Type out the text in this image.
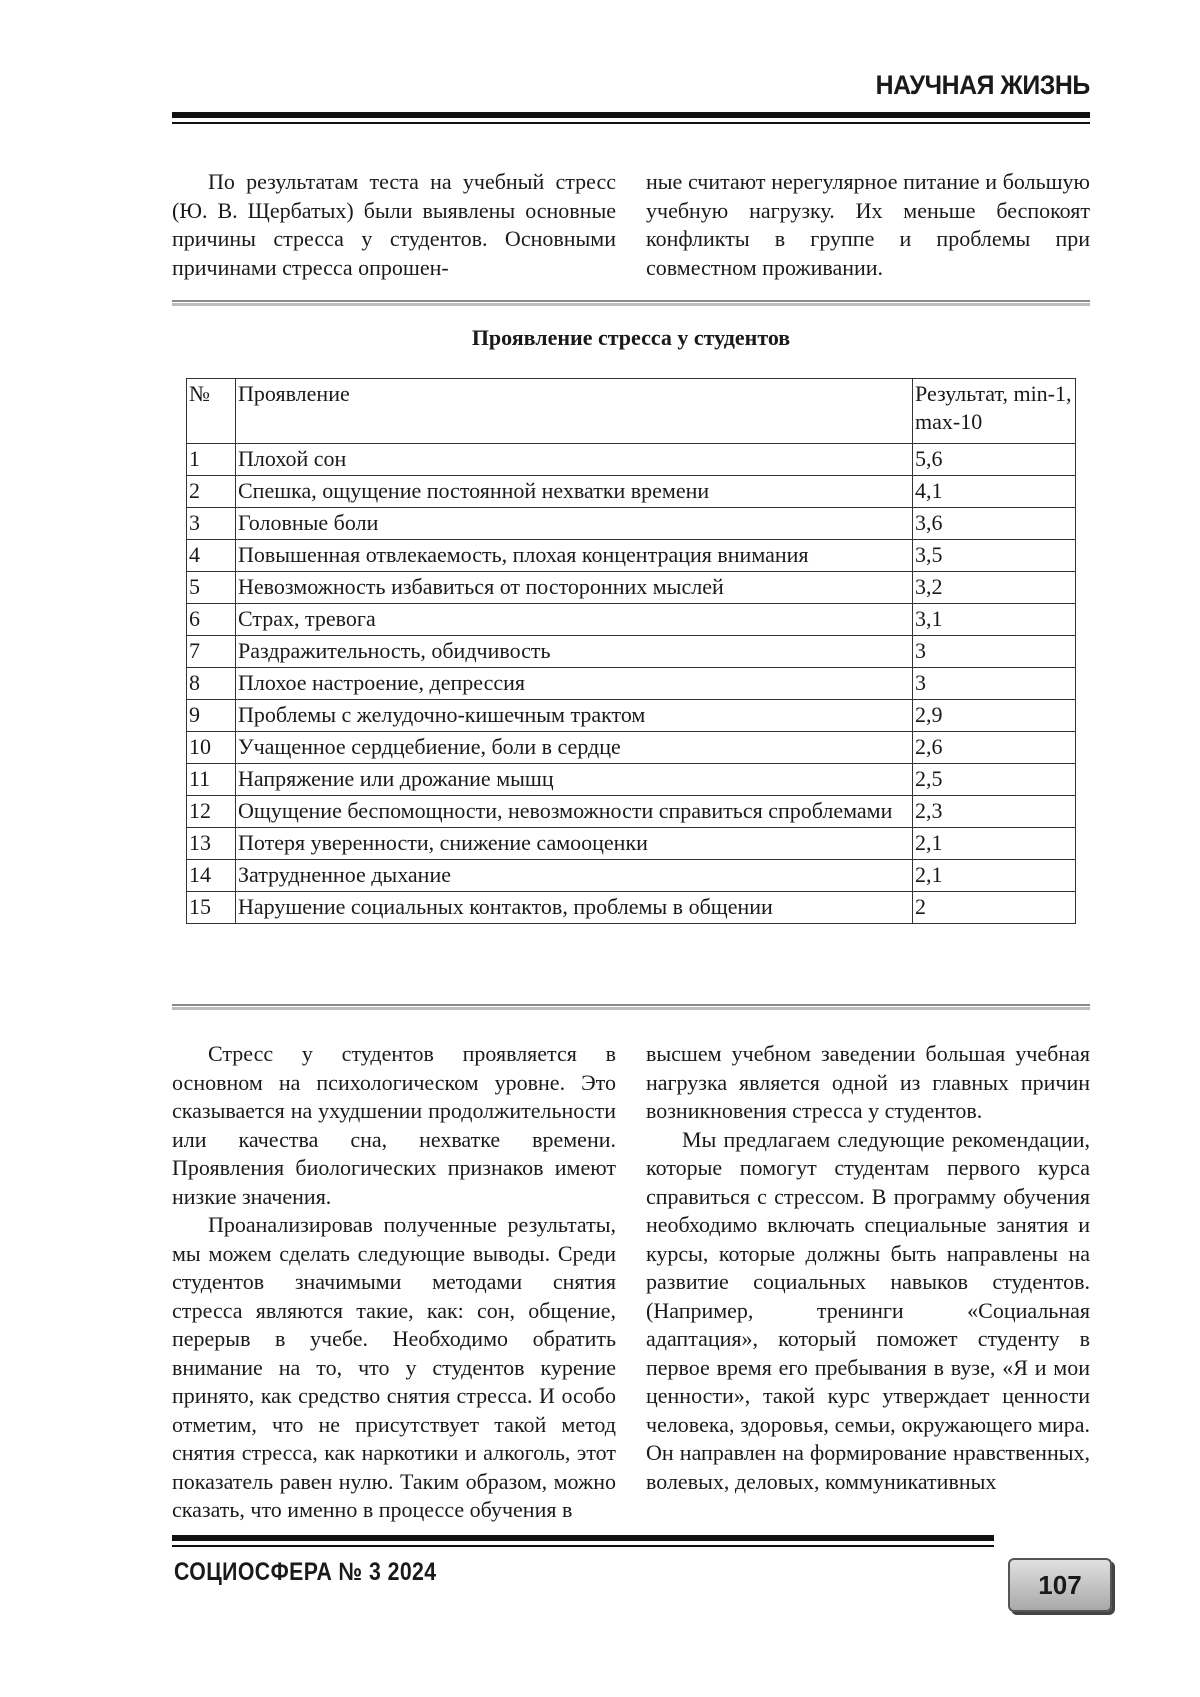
НАУЧНАЯ ЖИЗНЬ

По результатам теста на учебный стресс (Ю. В. Щербатых) были выявлены основные причины стресса у студентов. Основными причинами стресса опрошен-

ные считают нерегулярное питание и большую учебную нагрузку. Их меньше беспокоят конфликты в группе и проблемы при совместном проживании.

Проявление стресса у студентов
№	Проявление	Результат, min-1, max-10
1	Плохой сон	5,6
2	Спешка, ощущение постоянной нехватки времени	4,1
3	Головные боли	3,6
4	Повышенная отвлекаемость, плохая концентрация внимания	3,5
5	Невозможность избавиться от посторонних мыслей	3,2
6	Страх, тревога	3,1
7	Раздражительность, обидчивость	3
8	Плохое настроение, депрессия	3
9	Проблемы с желудочно-кишечным трактом	2,9
10	Учащенное сердцебиение, боли в сердце	2,6
11	Напряжение или дрожание мышц	2,5
12	Ощущение беспомощности, невозможности справиться спроблемами	2,3
13	Потеря уверенности, снижение самооценки	2,1
14	Затрудненное дыхание	2,1
15	Нарушение социальных контактов, проблемы в общении	2

Стресс у студентов проявляется в основном на психологическом уровне. Это сказывается на ухудшении продолжительности или качества сна, нехватке времени. Проявления биологических признаков имеют низкие значения.

Проанализировав полученные результаты, мы можем сделать следующие выводы. Среди студентов значимыми методами снятия стресса являются такие, как: сон, общение, перерыв в учебе. Необходимо обратить внимание на то, что у студентов курение принято, как средство снятия стресса. И особо отметим, что не присутствует такой метод снятия стресса, как наркотики и алкоголь, этот показатель равен нулю. Таким образом, можно сказать, что именно в процессе обучения в

высшем учебном заведении большая учебная нагрузка является одной из главных причин возникновения стресса у студентов.

Мы предлагаем следующие рекомендации, которые помогут студентам первого курса справиться с стрессом. В программу обучения необходимо включать специальные занятия и курсы, которые должны быть направлены на развитие социальных навыков студентов. (Например, тренинги «Социальная адаптация», который поможет студенту в первое время его пребывания в вузе, «Я и мои ценности», такой курс утверждает ценности человека, здоровья, семьи, окружающего мира. Он направлен на формирование нравственных, волевых, деловых, коммуникативных

СОЦИОСФЕРА № 3 2024	107
